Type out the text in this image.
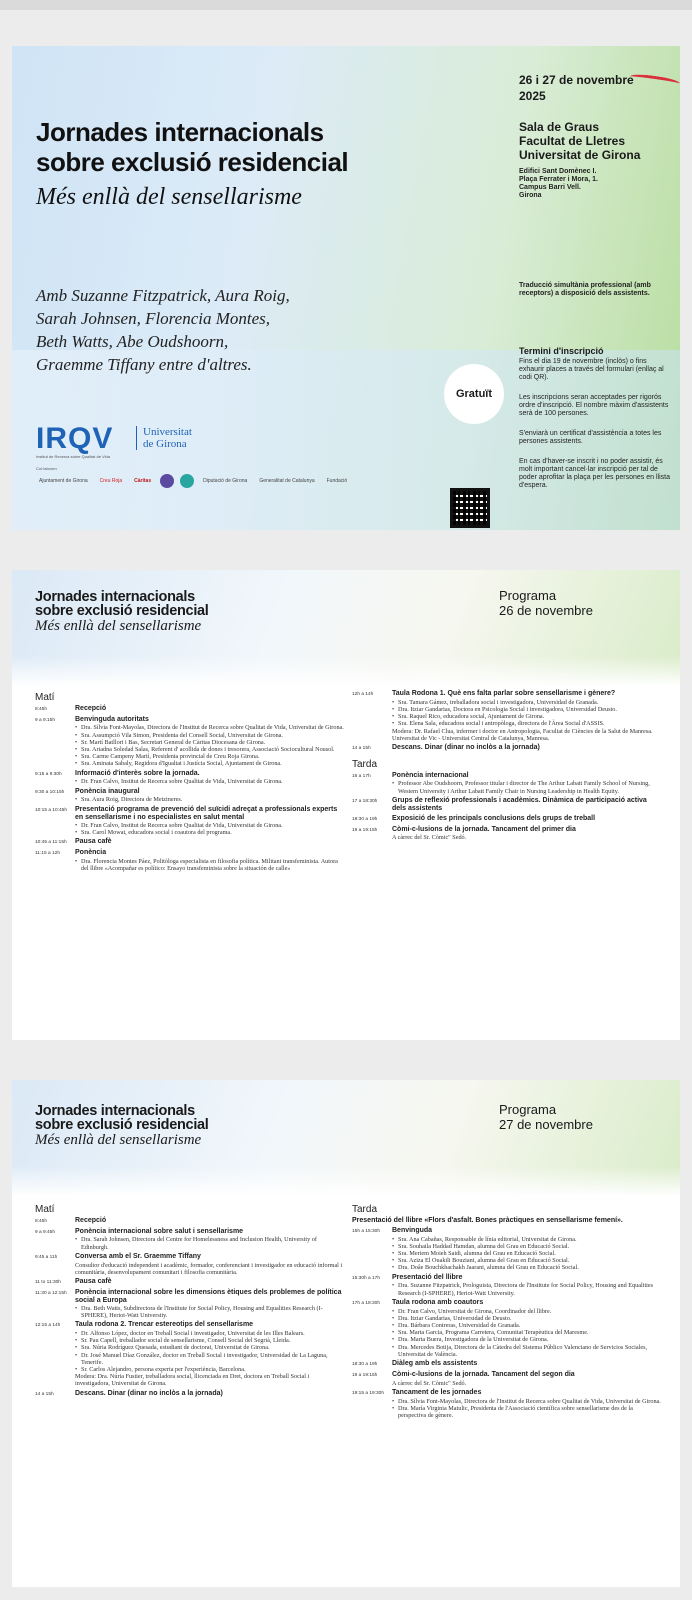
Jornades internacionals
sobre exclusió residencial
Més enllà del sensellarisme
Amb Suzanne Fitzpatrick, Aura Roig,
Sarah Johnsen, Florencia Montes,
Beth Watts, Abe Oudshoorn,
Graemme Tiffany entre d'altres.
26 i 27 de novembre
2025
Sala de Graus
Facultat de Lletres
Universitat de Girona
Edifici Sant Domènec I.
Plaça Ferrater i Mora, 1.
Campus Barri Vell.
Girona
Traducció simultània professional (amb receptors) a disposició dels assistents.
Termini d'inscripció
Fins el dia 19 de novembre (inclòs) o fins exhaurir places a través del formulari (enllaç al codi QR).
Les inscripcions seran acceptades per rigorós ordre d'inscripció. El nombre màxim d'assistents serà de 100 persones.
S'enviarà un certificat d'assistència a totes les persones assistents.
En cas d'haver-se inscrit i no poder assistir, és molt important cancel·lar inscripció per tal de poder aprofitar la plaça per les persones en llista d'espera.
Gratuït
IRQV
Institut de Recerca sobre Qualitat de Vida
Universitat
de Girona
Col·laboren
Ajuntament de Girona	Creu Roja	Càritas	Diputació de Girona	Generalitat de Catalunya	Fundació
Jornades internacionals
sobre exclusió residencial
Més enllà del sensellarisme
Programa
26 de novembre
Matí
8:45h	Recepció
9 a 9:15h	Benvinguda autoritats
• Dra. Sílvia Font-Mayolas, Directora de l'Institut de Recerca sobre Qualitat de Vida, Universitat de Girona.
• Sra. Assumpció Vila Simon, Presidenta del Consell Social, Universitat de Girona.
• Sr. Martí Batllori i Bas, Secretari General de Càritas Diocesana de Girona.
• Sra. Ariadna Soledad Salas, Referent d' acollida de dones i tresorera, Associació Sociocultural Nousol.
• Sra. Carme Campeny Martí, Presidenta provincial de Creu Roja Girona.
• Sra. Aminata Sabaly, Regidora d'Igualtat i Justícia Social, Ajuntament de Girona.
9:15 a 9:30h	Informació d'interès sobre la jornada.
• Dr. Fran Calvo, Institut de Recerca sobre Qualitat de Vida, Universitat de Girona.
9:30 a 10:15h	Ponència inaugural
• Sra. Aura Roig, Directora de Metzineres.
10:15 a 10:45h	Presentació programa de prevenció del suïcidi adreçat a professionals experts en sensellarisme i no especialistes en salut mental
• Dr. Fran Calvo, Institut de Recerca sobre Qualitat de Vida, Universitat de Girona.
• Sra. Carol Mowat, educadora social i coautora del programa.
10:45 a 11:15h	Pausa cafè
11:15 a 12h	Ponència
• Dra. Florencia Montes Páez, Politòloga especialista en filosofia política. Militant transfeminista. Autora del llibre «Acompañar es político: Ensayo transfeminista sobre la situación de calle»
12h a 14h	Taula Rodona 1. Què ens falta parlar sobre sensellarisme i gènere?
• Sra. Tamara Gámez, treballadora social i investigadora, Universidad de Granada.
• Dra. Itziar Gandarias, Doctora en Psicologia Social i investigadora, Universidad Deusto.
• Sra. Raquel Rico, educadora social, Ajuntament de Girona.
• Sra. Elena Sala, educadora social i antropòloga, directora de l'Àrea Social d'ASSIS.
Modera: Dr. Rafael Clua, infermer i doctor en Antropologia, Facultat de Ciències de la Salut de Manresa. Universitat de Vic - Universitat Central de Catalunya, Manresa.
14 a 15h	Descans. Dinar (dinar no inclòs a la jornada)
Tarda
16 a 17h	Ponència internacional
• Professor Abe Oudshoorn, Professor titular i director de The Arthur Labatt Family School of Nursing, Western University i Arthur Labatt Family Chair in Nursing Leadership in Health Equity.
17 a 18:30h	Grups de reflexió professionals i acadèmics. Dinàmica de participació activa dels assistents
18:30 a 19h	Exposició de les principals conclusions dels grups de treball
19 a 19:15h	Còmi-c-lusions de la jornada. Tancament del primer dia
A càrrec del Sr. Còmic" Sedó.
Jornades internacionals
sobre exclusió residencial
Més enllà del sensellarisme
Programa
27 de novembre
Matí
8:45h	Recepció
9 a 9:45h	Ponència internacional sobre salut i sensellarisme
• Dra. Sarah Johnsen, Directora del Centre for Homelessness and Inclusion Health, University of Edinburgh.
9:45 a 11h	Conversa amb el Sr. Graemme Tiffany
Consultor d'educació independent i acadèmic, formador, conferenciant i investigador en educació informal i comunitària, desenvolupament comunitari i filosofia comunitària.
11 to 11:30h	Pausa cafè
11:30 a 12:15h	Ponència internacional sobre les dimensions ètiques dels problemes de política social a Europa
• Dra. Beth Watts, Subdirectora de l'Institute for Social Policy, Housing and Equalities Research (I-SPHERE), Heriot-Watt University.
12:15 a 14h	Taula rodona 2. Trencar estereotips del sensellarisme
• Dr. Alfonso López, doctor en Treball Social i investigador, Universitat de les Illes Balears.
• Sr. Pau Capell, treballador social de sensellarisme, Consell Social del Segrià, Lleida.
• Sra. Núria Rodríguez Quesada, estudiant de doctorat, Universitat de Girona.
• Dr. José Manuel Díaz González, doctor en Treball Social i investigador, Universidad de La Laguna, Tenerife.
• Sr. Carlos Alejandro, persona experta per l'experiència, Barcelona.
Modera: Dra. Núria Fustier, treballadora social, llicenciada en Dret, doctora en Treball Social i investigadora, Universitat de Girona.
14 a 15h	Descans. Dinar (dinar no inclòs a la jornada)
Tarda
Presentació del llibre «Flors d'asfalt. Bones pràctiques en sensellarisme femení».
15h a 15:30h	Benvinguda
• Sra. Ana Cabañas, Responsable de línia editorial, Universitat de Girona.
• Sra. Souhaila Haddad Hamdan, alumna del Grau en Educació Social.
• Sra. Meriem Moieh Saidi, alumna del Grau en Educació Social.
• Sra. Aziza El Ouakili Bouziani, alumna del Grau en Educació Social.
• Dra. Doâe Bouchkhachakh Jaarani, alumna del Grau en Educació Social.
15:30h a 17h	Presentació del llibre
• Dra. Suzanne Fitzpatrick, Prologuista, Directora de l'Institute for Social Policy, Housing and Equalities Research (I-SPHERE), Heriot-Watt University.
17h a 18:30h	Taula rodona amb coautors
• Dr. Fran Calvo, Universitat de Girona, Coordinador del llibre.
• Dra. Itziar Gandarias, Universidad de Deusto.
• Dra. Bárbara Contreras, Universidad de Granada.
• Sra. Marta Garcia, Programa Carretera, Comunitat Terapèutica del Maresme.
• Dra. Marta Buera, Investigadora de la Universitat de Girona.
• Dra. Mercedes Botija, Directora de la Càtedra del Sistema Público Valenciano de Servicios Sociales, Universitat de València.
18:30 a 19h	Diàleg amb els assistents
19 a 19:15h	Còmi-c-lusions de la jornada. Tancament del segon dia
A càrrec del Sr. Còmic" Sedó.
19:15 a 19:30h	Tancament de les jornades
• Dra. Sílvia Font-Mayolas, Directora de l'Institut de Recerca sobre Qualitat de Vida, Universitat de Girona.
• Dra. María Virginia Matulic, Presidenta de l'Associació científica sobre sensellarisme des de la perspectiva de gènere.
